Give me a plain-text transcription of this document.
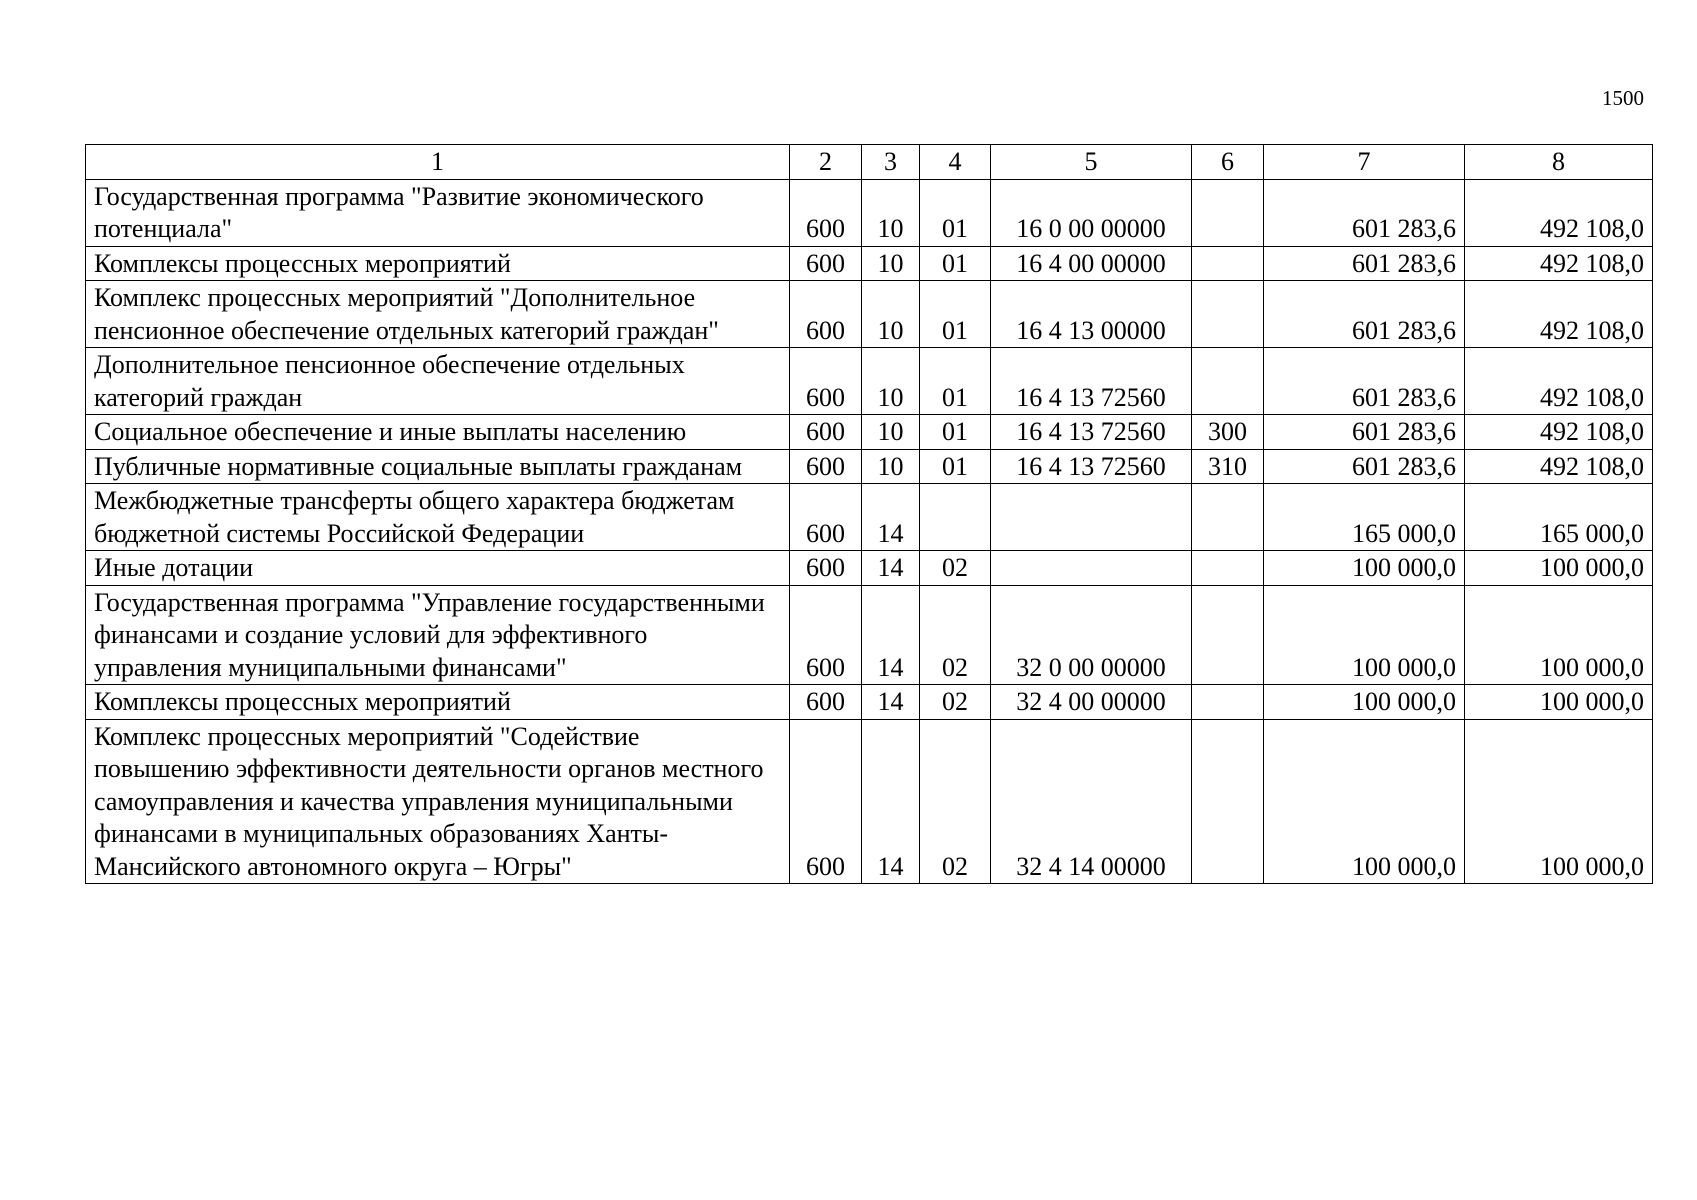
1500
1	2	3	4	5	6	7	8
Государственная программа "Развитие экономического потенциала"	600	10	01	16 0 00 00000		601 283,6	492 108,0
Комплексы процессных мероприятий	600	10	01	16 4 00 00000		601 283,6	492 108,0
Комплекс процессных мероприятий "Дополнительное пенсионное обеспечение отдельных категорий граждан"	600	10	01	16 4 13 00000		601 283,6	492 108,0
Дополнительное пенсионное обеспечение отдельных категорий граждан	600	10	01	16 4 13 72560		601 283,6	492 108,0
Социальное обеспечение и иные выплаты населению	600	10	01	16 4 13 72560	300	601 283,6	492 108,0
Публичные нормативные социальные выплаты гражданам	600	10	01	16 4 13 72560	310	601 283,6	492 108,0
Межбюджетные трансферты общего характера бюджетам бюджетной системы Российской Федерации	600	14				165 000,0	165 000,0
Иные дотации	600	14	02			100 000,0	100 000,0
Государственная программа "Управление государственными финансами и создание условий для эффективного управления муниципальными финансами"	600	14	02	32 0 00 00000		100 000,0	100 000,0
Комплексы процессных мероприятий	600	14	02	32 4 00 00000		100 000,0	100 000,0
Комплекс процессных мероприятий "Содействие повышению эффективности деятельности органов местного самоуправления и качества управления муниципальными финансами в муниципальных образованиях Ханты-Мансийского автономного округа – Югры"	600	14	02	32 4 14 00000		100 000,0	100 000,0
